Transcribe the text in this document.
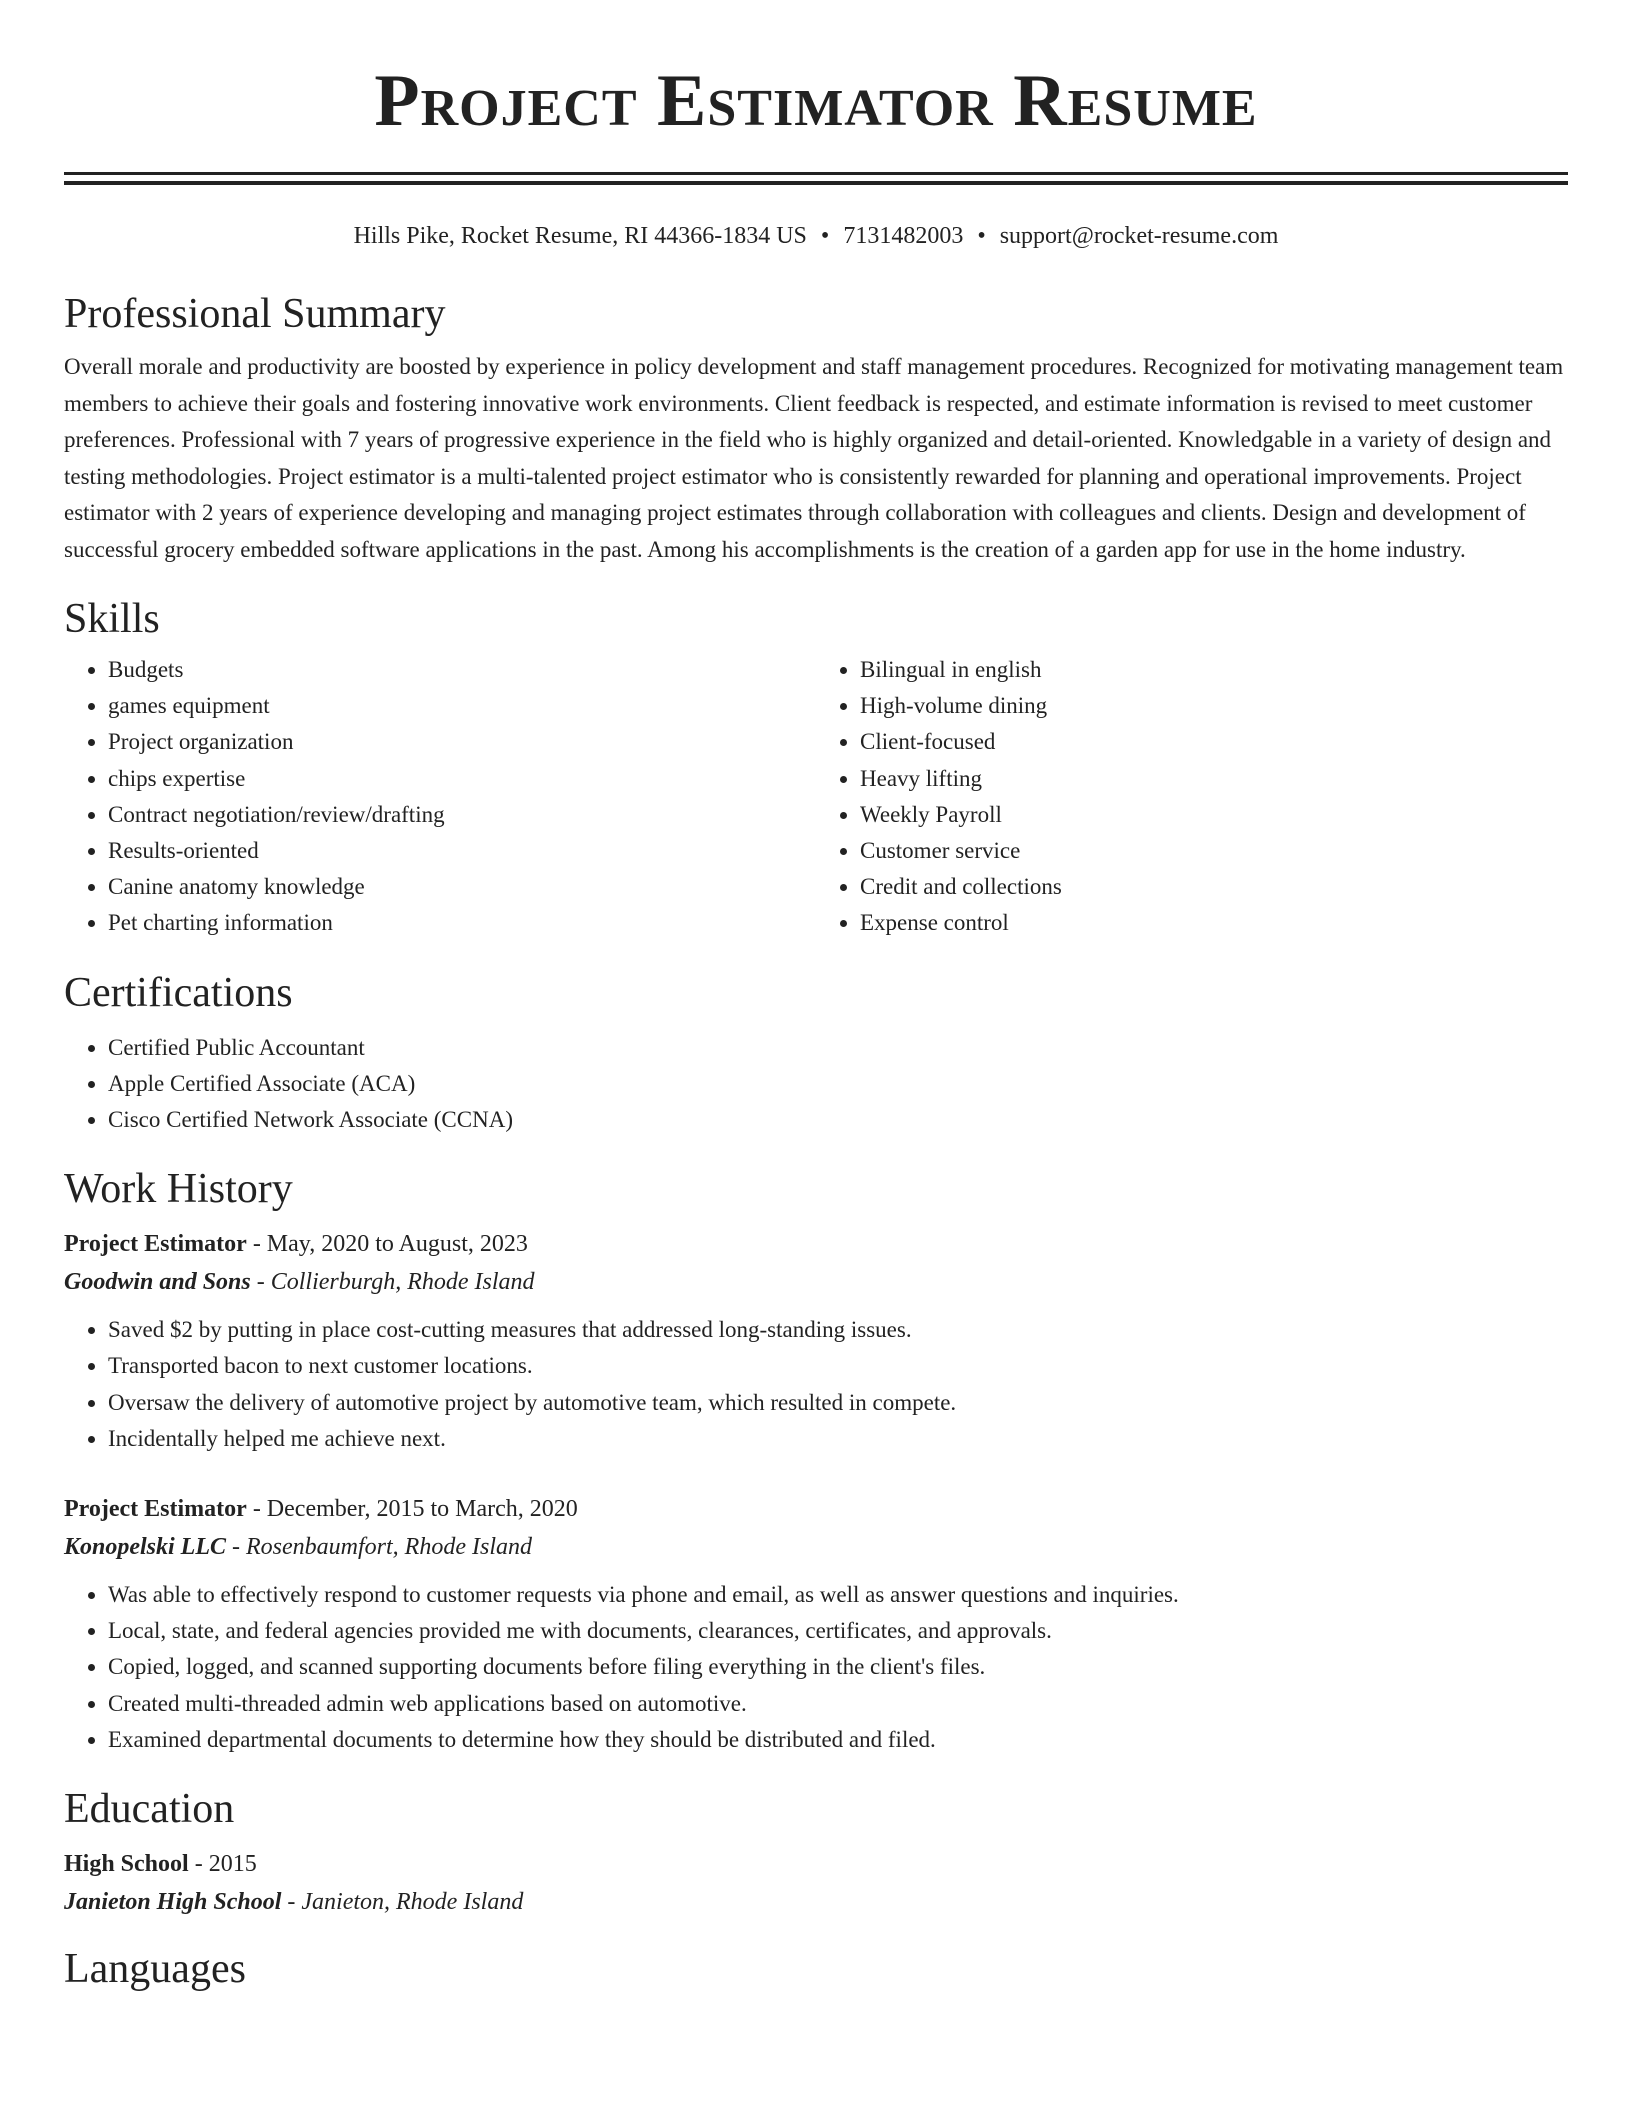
Project Estimator Resume
Hills Pike, Rocket Resume, RI 44366-1834 US • 7131482003 • support@rocket-resume.com
Professional Summary

Overall morale and productivity are boosted by experience in policy development and staff management procedures. Recognized for motivating management team members to achieve their goals and fostering innovative work environments. Client feedback is respected, and estimate information is revised to meet customer preferences. Professional with 7 years of progressive experience in the field who is highly organized and detail-oriented. Knowledgable in a variety of design and testing methodologies. Project estimator is a multi-talented project estimator who is consistently rewarded for planning and operational improvements. Project estimator with 2 years of experience developing and managing project estimates through collaboration with colleagues and clients. Design and development of successful grocery embedded software applications in the past. Among his accomplishments is the creation of a garden app for use in the home industry.

Skills
• Budgets
• games equipment
• Project organization
• chips expertise
• Contract negotiation/review/drafting
• Results-oriented
• Canine anatomy knowledge
• Pet charting information
• Bilingual in english
• High-volume dining
• Client-focused
• Heavy lifting
• Weekly Payroll
• Customer service
• Credit and collections
• Expense control
Certifications
• Certified Public Accountant
• Apple Certified Associate (ACA)
• Cisco Certified Network Associate (CCNA)
Work History
Project Estimator - May, 2020 to August, 2023
Goodwin and Sons - Collierburgh, Rhode Island
• Saved $2 by putting in place cost-cutting measures that addressed long-standing issues.
• Transported bacon to next customer locations.
• Oversaw the delivery of automotive project by automotive team, which resulted in compete.
• Incidentally helped me achieve next.
Project Estimator - December, 2015 to March, 2020
Konopelski LLC - Rosenbaumfort, Rhode Island
• Was able to effectively respond to customer requests via phone and email, as well as answer questions and inquiries.
• Local, state, and federal agencies provided me with documents, clearances, certificates, and approvals.
• Copied, logged, and scanned supporting documents before filing everything in the client's files.
• Created multi-threaded admin web applications based on automotive.
• Examined departmental documents to determine how they should be distributed and filed.
Education
High School - 2015
Janieton High School - Janieton, Rhode Island
Languages
